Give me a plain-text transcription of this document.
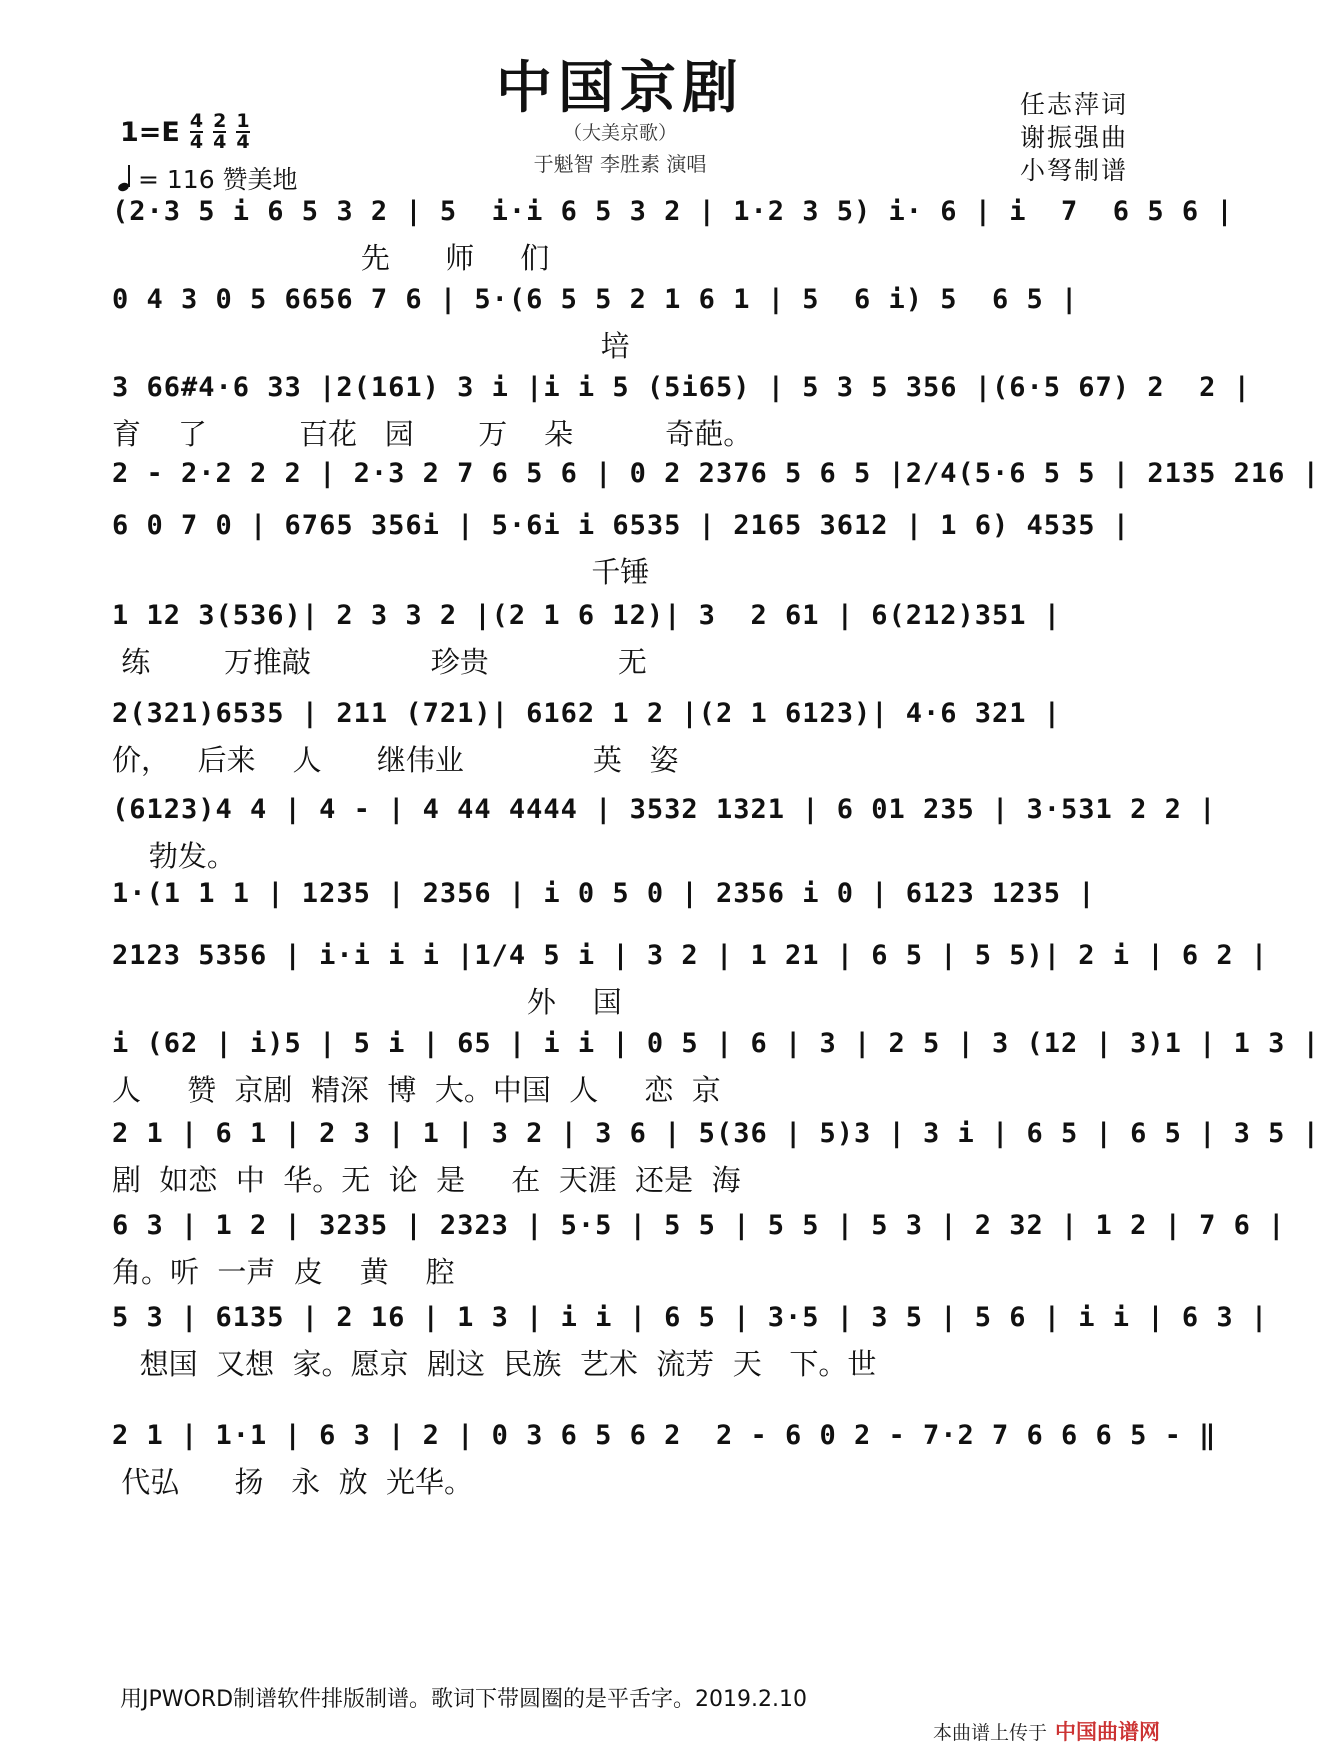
中国京剧
（大美京歌）
于魁智 李胜素 演唱
任志萍词
谢振强曲
小弩制谱
$1=E \frac{4}{4} \frac{2}{4} \frac{1}{4}$
= 116 赞美地
(2·3 5 i 6 5 3 2 | 5  i·i 6 5 3 2 | 1·2 3 5) i· 6 | i  7  6 5 6 |
先      师     们
0 4 3 0 5 6656 7 6 | 5·(6 5 5 2 1 6 1 | 5  6 i) 5  6 5 |
培
3 66#4·6 33 |2(161) 3 i |i i 5 (5i65) | 5 3 5 356 |(6·5 67) 2  2 |
育    了          百花   园       万    朵          奇葩。
2 - 2·2 2 2 | 2·3 2 7 6 5 6 | 0 2 2376 5 6 5 |2/4(5·6 5 5 | 2135 216 |
6 0 7 0 | 6765 356i | 5·6i i 6535 | 2165 3612 | 1 6) 4535 |
千锤
1 12 3(536)| 2 3 3 2 |(2 1 6 12)| 3  2 61 | 6(212)351 |
练        万推敲             珍贵              无
2(321)6535 | 211 (721)| 6162 1 2 |(2 1 6123)| 4·6 321 |
价，   后来    人      继伟业              英   姿
(6123)4 4 | 4 - | 4 44 4444 | 3532 1321 | 6 01 235 | 3·531 2 2 |
勃发。
1·(1 1 1 | 1235 | 2356 | i 0 5 0 | 2356 i 0 | 6123 1235 |
2123 5356 | i·i i i |1/4 5 i | 3 2 | 1 21 | 6 5 | 5 5)| 2 i | 6 2 |
外    国
i (62 | i)5 | 5 i | 65 | i i | 0 5 | 6 | 3 | 2 5 | 3 (12 | 3)1 | 1 3 |
人     赞  京剧  精深  博  大。中国  人     恋  京
2 1 | 6 1 | 2 3 | 1 | 3 2 | 3 6 | 5(36 | 5)3 | 3 i | 6 5 | 6 5 | 3 5 |
剧  如恋  中  华。无  论  是     在  天涯  还是  海
6 3 | 1 2 | 3235 | 2323 | 5·5 | 5 5 | 5 5 | 5 3 | 2 32 | 1 2 | 7 6 |
角。听  一声  皮    黄    腔
5 3 | 6135 | 2 16 | 1 3 | i i | 6 5 | 3·5 | 3 5 | 5 6 | i i | 6 3 |
想国  又想  家。愿京  剧这  民族  艺术  流芳  天   下。世
2 1 | 1·1 | 6 3 | 2 | 0 3 6 5 6 2  2 - 6 0 2 - 7·2 7 6 6 6 5 - ‖
代弘      扬   永  放  光华。
用JPWORD制谱软件排版制谱。歌词下带圆圈的是平舌字。2019.2.10
本曲谱上传于 中国曲谱网
